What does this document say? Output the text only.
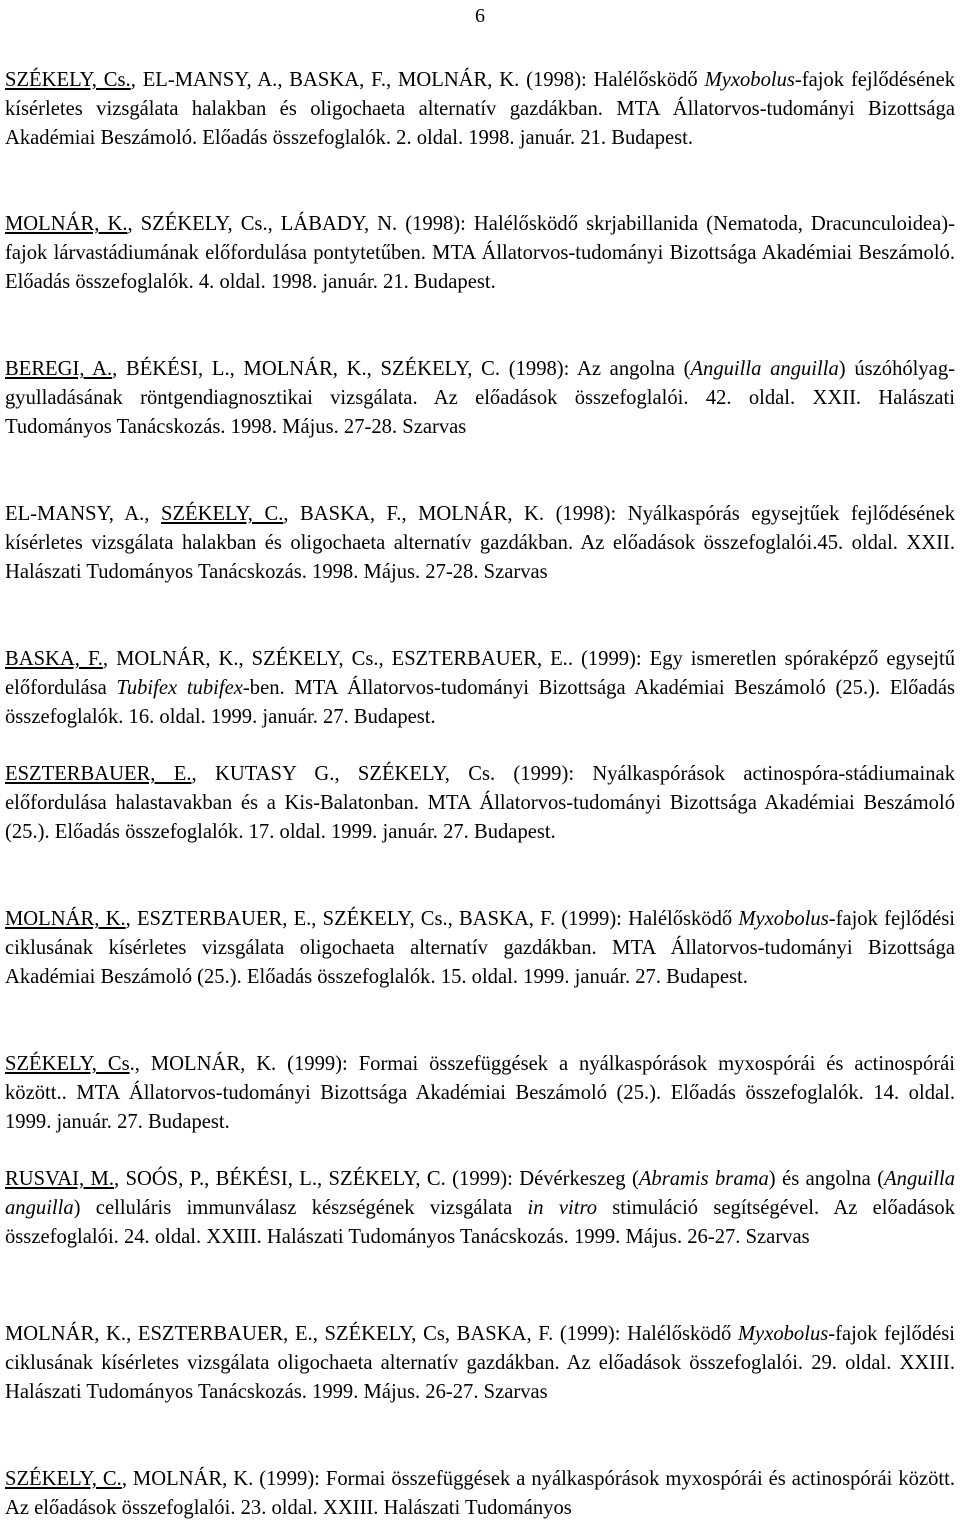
6
SZÉKELY, Cs., EL-MANSY, A., BASKA, F., MOLNÁR, K. (1998): Halélősködő Myxobolus-fajok fejlődésének kísérletes vizsgálata halakban és oligochaeta alternatív gazdákban. MTA Állatorvos-tudományi Bizottsága Akadémiai Beszámoló. Előadás összefoglalók. 2. oldal. 1998. január. 21. Budapest.
MOLNÁR, K., SZÉKELY, Cs., LÁBADY, N. (1998): Halélősködő skrjabillanida (Nematoda, Dracunculoidea)-fajok lárvastádiumának előfordulása pontytetűben. MTA Állatorvos-tudományi Bizottsága Akadémiai Beszámoló. Előadás összefoglalók. 4. oldal. 1998. január. 21. Budapest.
BEREGI, A., BÉKÉSI, L., MOLNÁR, K., SZÉKELY, C. (1998): Az angolna (Anguilla anguilla) úszóhólyag-gyulladásának röntgendiagnosztikai vizsgálata. Az előadások összefoglalói. 42. oldal. XXII. Halászati Tudományos Tanácskozás. 1998. Május. 27-28. Szarvas
EL-MANSY, A., SZÉKELY, C., BASKA, F., MOLNÁR, K. (1998): Nyálkaspórás egysejtűek fejlődésének kísérletes vizsgálata halakban és oligochaeta alternatív gazdákban. Az előadások összefoglalói.45. oldal. XXII. Halászati Tudományos Tanácskozás. 1998. Május. 27-28. Szarvas
BASKA, F., MOLNÁR, K., SZÉKELY, Cs., ESZTERBAUER, E.. (1999): Egy ismeretlen spóraképző egysejtű előfordulása Tubifex tubifex-ben. MTA Állatorvos-tudományi Bizottsága Akadémiai Beszámoló (25.). Előadás összefoglalók. 16. oldal. 1999. január. 27. Budapest.
ESZTERBAUER, E., KUTASY G., SZÉKELY, Cs. (1999): Nyálkaspórások actinospóra-stádiumainak előfordulása halastavakban és a Kis-Balatonban. MTA Állatorvos-tudományi Bizottsága Akadémiai Beszámoló (25.). Előadás összefoglalók. 17. oldal. 1999. január. 27. Budapest.
MOLNÁR, K., ESZTERBAUER, E., SZÉKELY, Cs., BASKA, F. (1999): Halélősködő Myxobolus-fajok fejlődési ciklusának kísérletes vizsgálata oligochaeta alternatív gazdákban. MTA Állatorvos-tudományi Bizottsága Akadémiai Beszámoló (25.). Előadás összefoglalók. 15. oldal. 1999. január. 27. Budapest.
SZÉKELY, Cs., MOLNÁR, K. (1999): Formai összefüggések a nyálkaspórások myxospórái és actinospórái között.. MTA Állatorvos-tudományi Bizottsága Akadémiai Beszámoló (25.). Előadás összefoglalók. 14. oldal. 1999. január. 27. Budapest.
RUSVAI, M., SOÓS, P., BÉKÉSI, L., SZÉKELY, C. (1999): Dévérkeszeg (Abramis brama) és angolna (Anguilla anguilla) celluláris immunválasz készségének vizsgálata in vitro stimuláció segítségével. Az előadások összefoglalói. 24. oldal. XXIII. Halászati Tudományos Tanácskozás. 1999. Május. 26-27. Szarvas
MOLNÁR, K., ESZTERBAUER, E., SZÉKELY, Cs, BASKA, F. (1999): Halélősködő Myxobolus-fajok fejlődési ciklusának kísérletes vizsgálata oligochaeta alternatív gazdákban. Az előadások összefoglalói. 29. oldal. XXIII. Halászati Tudományos Tanácskozás. 1999. Május. 26-27. Szarvas
SZÉKELY, C., MOLNÁR, K. (1999): Formai összefüggések a nyálkaspórások myxospórái és actinospórái között. Az előadások összefoglalói. 23. oldal. XXIII. Halászati Tudományos
